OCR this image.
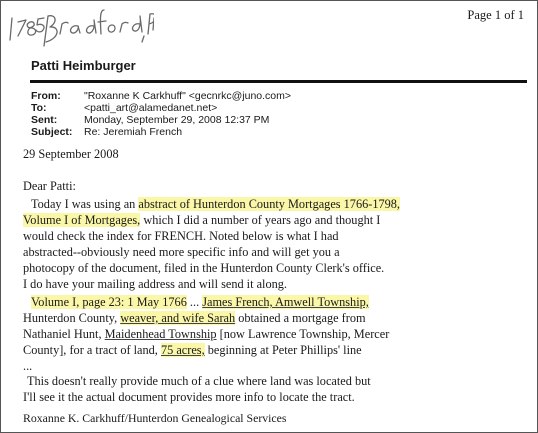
Page 1 of 1
Patti Heimburger
From: "Roxanne K Carkhuff" <gecnrkc@juno.com>
To:	<patti_art@alamedanet.net>
Sent:	Monday, September 29, 2008 12:37 PM
Subject: Re: Jeremiah French
29 September 2008
Dear Patti:
Today I was using an abstract of Hunterdon County Mortgages 1766-1798,
Volume I of Mortgages, which I did a number of years ago and thought I
would check the index for FRENCH. Noted below is what I had
abstracted--obviously need more specific info and will get you a
photocopy of the document, filed in the Hunterdon County Clerk's office.
I do have your mailing address and will send it along.
Volume I, page 23: 1 May 1766 ... James French, Amwell Township,
Hunterdon County, weaver, and wife Sarah obtained a mortgage from
Nathaniel Hunt, Maidenhead Township [now Lawrence Township, Mercer
County], for a tract of land, 75 acres, beginning at Peter Phillips' line
...
This doesn't really provide much of a clue where land was located but
I'll see it the actual document provides more info to locate the tract.
Roxanne K. Carkhuff/Hunterdon Genealogical Services
